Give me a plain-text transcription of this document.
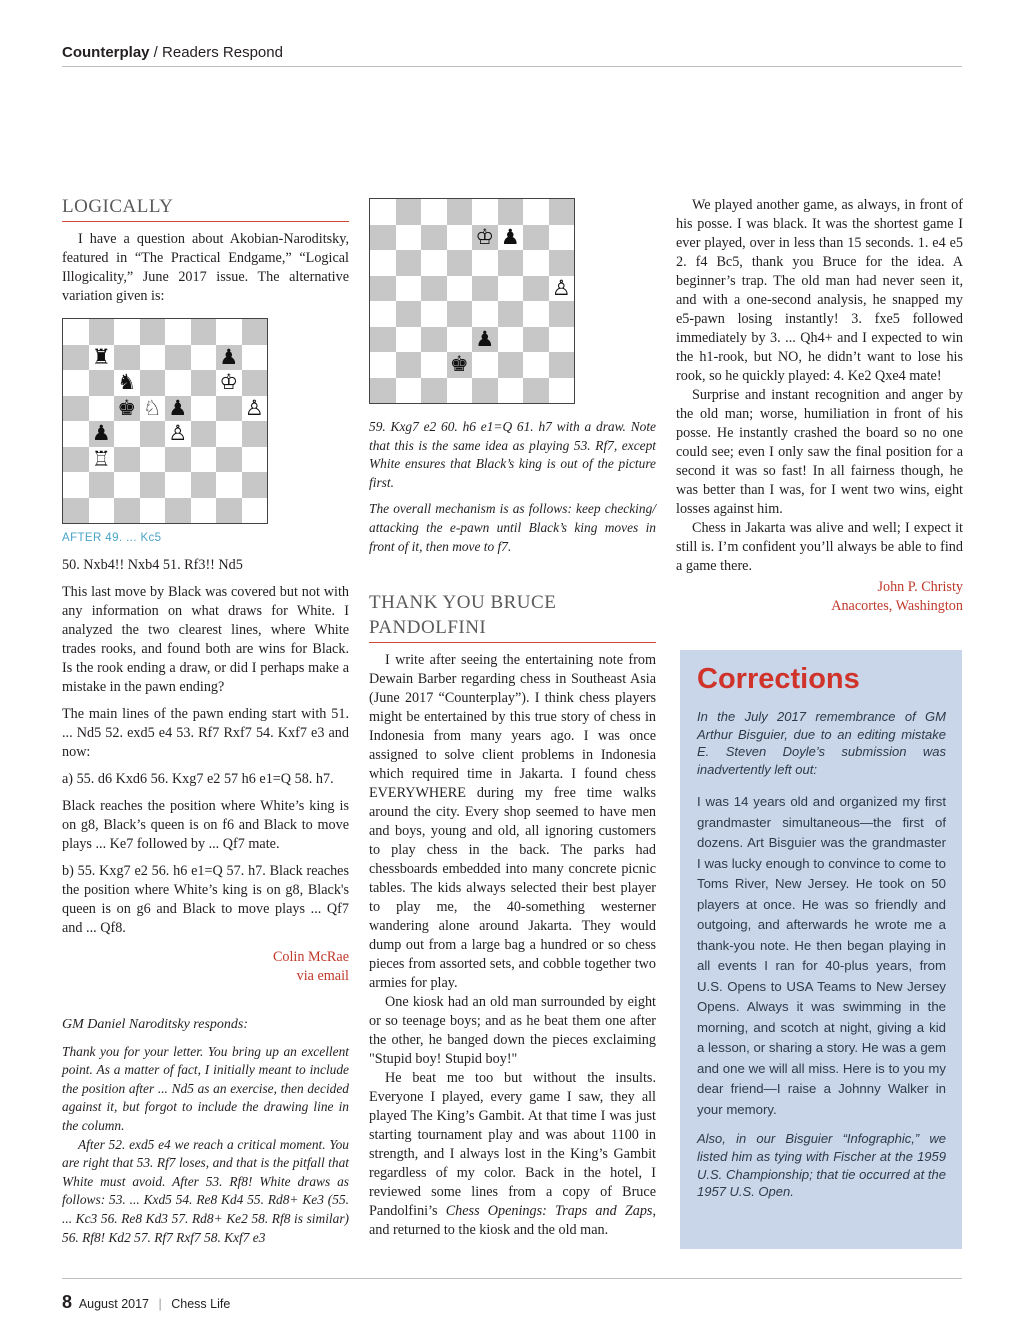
Counterplay / Readers Respond
LOGICALLY

I have a question about Akobian-Naroditsky, featured in “The Practical Endgame,” “Logical Illogicality,” June 2017 issue. The alternative variation given is:

♜	♟
♞	♔
♚ ♘ ♟	♙
♟	♙
♖
AFTER 49. ... Kc5

50. Nxb4!! Nxb4 51. Rf3!! Nd5

This last move by Black was covered but not with any information on what draws for White. I analyzed the two clearest lines, where White trades rooks, and found both are wins for Black. Is the rook ending a draw, or did I perhaps make a mistake in the pawn ending?

The main lines of the pawn ending start with 51. ... Nd5 52. exd5 e4 53. Rf7 Rxf7 54. Kxf7 e3 and now:

a) 55. d6 Kxd6 56. Kxg7 e2 57 h6 e1=Q 58. h7.

Black reaches the position where White’s king is on g8, Black’s queen is on f6 and Black to move plays ... Ke7 followed by ... Qf7 mate.

b) 55. Kxg7 e2 56. h6 e1=Q 57. h7. Black reaches the position where White’s king is on g8, Black's queen is on g6 and Black to move plays ... Qf7 and ... Qf8.

Colin McRae
via email

GM Daniel Naroditsky responds:

Thank you for your letter. You bring up an excellent point. As a matter of fact, I initially meant to include the position after ... Nd5 as an exercise, then decided against it, but forgot to include the drawing line in the column.

After 52. exd5 e4 we reach a critical moment. You are right that 53. Rf7 loses, and that is the pitfall that White must avoid. After 53. Rf8! White draws as follows: 53. ... Kxd5 54. Re8 Kd4 55. Rd8+ Ke3 (55. ... Kc3 56. Re8 Kd3 57. Rd8+ Ke2 58. Rf8 is similar) 56. Rf8! Kd2 57. Rf7 Rxf7 58. Kxf7 e3

♔ ♟
♙
♟
♚

59. Kxg7 e2 60. h6 e1=Q 61. h7 with a draw. Note that this is the same idea as playing 53. Rf7, except White ensures that Black’s king is out of the picture first.

The overall mechanism is as follows: keep checking/ attacking the e-pawn until Black’s king moves in front of it, then move to f7.

THANK YOU BRUCE PANDOLFINI

I write after seeing the entertaining note from Dewain Barber regarding chess in Southeast Asia (June 2017 “Counterplay”). I think chess players might be entertained by this true story of chess in Indonesia from many years ago. I was once assigned to solve client problems in Indonesia which required time in Jakarta. I found chess EVERYWHERE during my free time walks around the city. Every shop seemed to have men and boys, young and old, all ignoring customers to play chess in the back. The parks had chessboards embedded into many concrete picnic tables. The kids always selected their best player to play me, the 40-something westerner wandering alone around Jakarta. They would dump out from a large bag a hundred or so chess pieces from assorted sets, and cobble together two armies for play.

One kiosk had an old man surrounded by eight or so teenage boys; and as he beat them one after the other, he banged down the pieces exclaiming "Stupid boy! Stupid boy!"

He beat me too but without the insults. Everyone I played, every game I saw, they all played The King’s Gambit. At that time I was just starting tournament play and was about 1100 in strength, and I always lost in the King’s Gambit regardless of my color. Back in the hotel, I reviewed some lines from a copy of Bruce Pandolfini’s Chess Openings: Traps and Zaps, and returned to the kiosk and the old man.

We played another game, as always, in front of his posse. I was black. It was the shortest game I ever played, over in less than 15 seconds. 1. e4 e5 2. f4 Bc5, thank you Bruce for the idea. A beginner’s trap. The old man had never seen it, and with a one-second analysis, he snapped my e5-pawn losing instantly! 3. fxe5 followed immediately by 3. ... Qh4+ and I expected to win the h1-rook, but NO, he didn’t want to lose his rook, so he quickly played: 4. Ke2 Qxe4 mate!

Surprise and instant recognition and anger by the old man; worse, humiliation in front of his posse. He instantly crashed the board so no one could see; even I only saw the final position for a second it was so fast! In all fairness though, he was better than I was, for I went two wins, eight losses against him.

Chess in Jakarta was alive and well; I expect it still is. I’m confident you’ll always be able to find a game there.

John P. Christy
Anacortes, Washington
Corrections

In the July 2017 remembrance of GM Arthur Bisguier, due to an editing mistake E. Steven Doyle’s submission was inadvertently left out:

I was 14 years old and organized my first grandmaster simultaneous—the first of dozens. Art Bisguier was the grandmaster I was lucky enough to convince to come to Toms River, New Jersey. He took on 50 players at once. He was so friendly and outgoing, and afterwards he wrote me a thank-you note. He then began playing in all events I ran for 40-plus years, from U.S. Opens to USA Teams to New Jersey Opens. Always it was swimming in the morning, and scotch at night, giving a kid a lesson, or sharing a story. He was a gem and one we will all miss. Here is to you my dear friend—I raise a Johnny Walker in your memory.

Also, in our Bisguier “Infographic,” we listed him as tying with Fischer at the 1959 U.S. Championship; that tie occurred at the 1957 U.S. Open.

8 August 2017 | Chess Life
